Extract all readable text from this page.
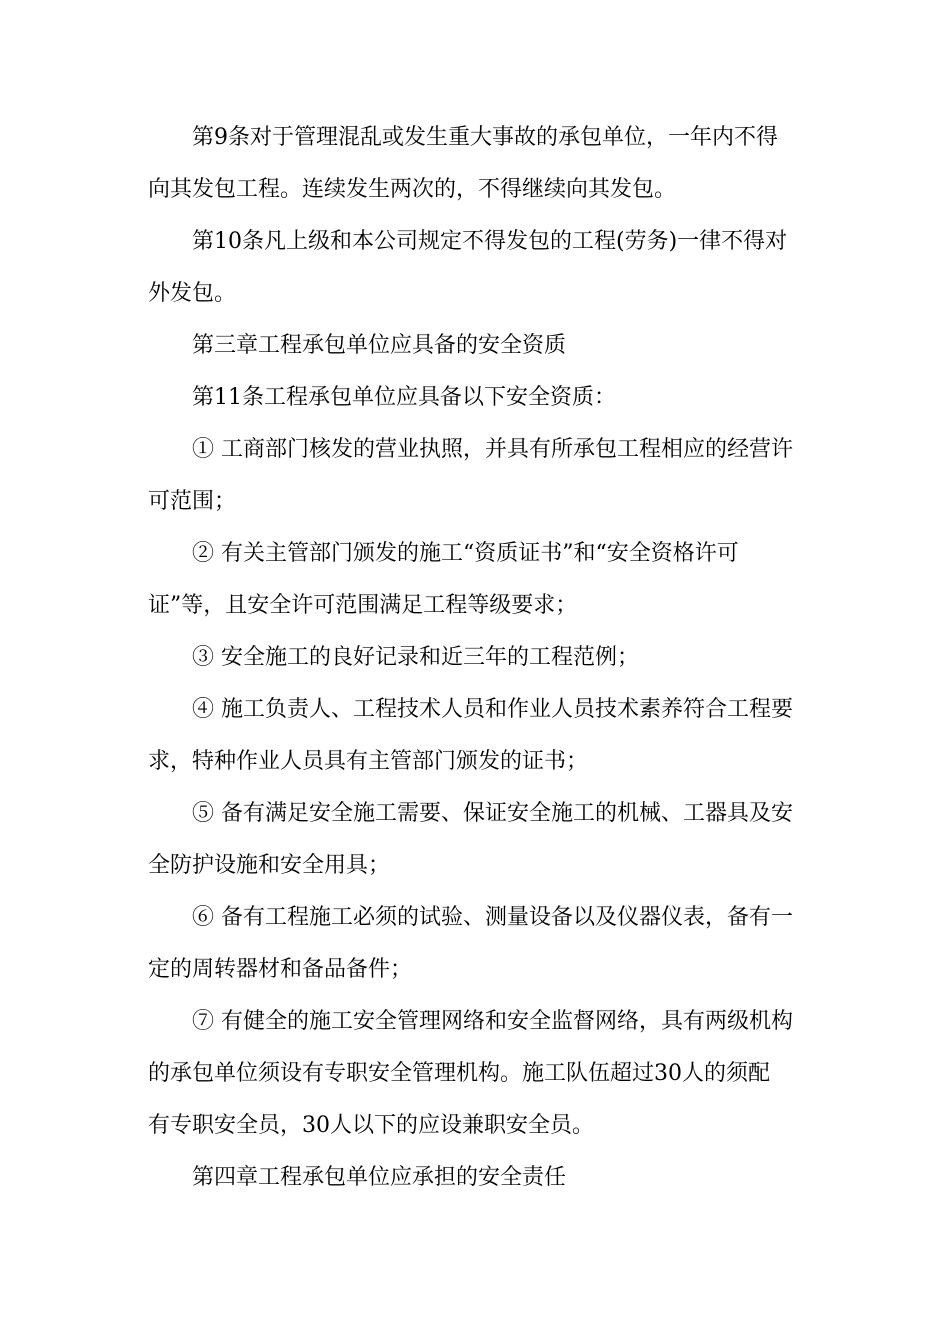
第9条对于管理混乱或发生重大事故的承包单位，一年内不得
向其发包工程。连续发生两次的，不得继续向其发包。

第10条凡上级和本公司规定不得发包的工程(劳务)一律不得对
外发包。

第三章工程承包单位应具备的安全资质

第11条工程承包单位应具备以下安全资质：

① 工商部门核发的营业执照，并具有所承包工程相应的经营许
可范围；

② 有关主管部门颁发的施工“资质证书”和“安全资格许可
证”等，且安全许可范围满足工程等级要求；

③ 安全施工的良好记录和近三年的工程范例；

④ 施工负责人、工程技术人员和作业人员技术素养符合工程要
求，特种作业人员具有主管部门颁发的证书；

⑤ 备有满足安全施工需要、保证安全施工的机械、工器具及安
全防护设施和安全用具；

⑥ 备有工程施工必须的试验、测量设备以及仪器仪表，备有一
定的周转器材和备品备件；

⑦ 有健全的施工安全管理网络和安全监督网络，具有两级机构
的承包单位须设有专职安全管理机构。施工队伍超过30人的须配
有专职安全员，30人以下的应设兼职安全员。

第四章工程承包单位应承担的安全责任
